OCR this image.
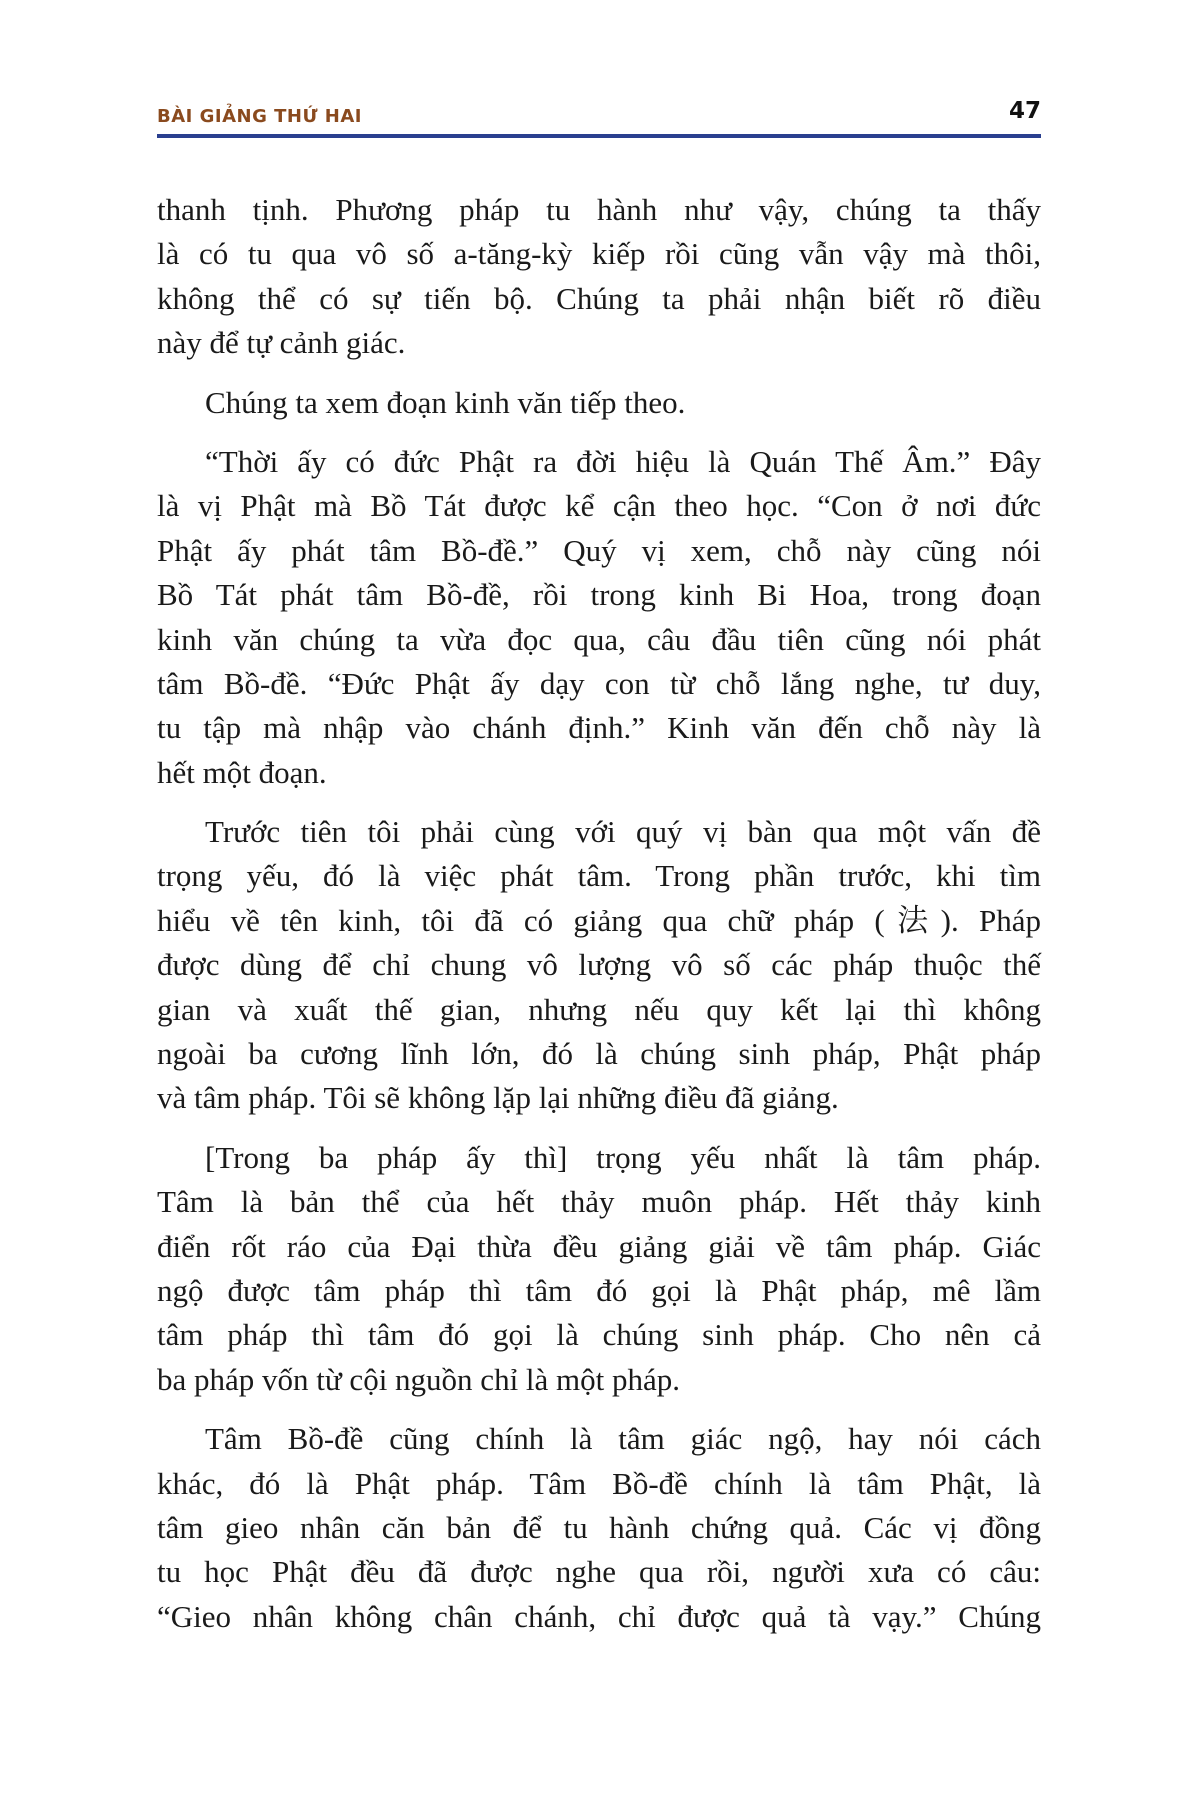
BÀI GIẢNG THỨ HAI	47
thanh tịnh. Phương pháp tu hành như vậy, chúng ta thấy
là có tu qua vô số a-tăng-kỳ kiếp rồi cũng vẫn vậy mà thôi,
không thể có sự tiến bộ. Chúng ta phải nhận biết rõ điều
này để tự cảnh giác.
Chúng ta xem đoạn kinh văn tiếp theo.
“Thời ấy có đức Phật ra đời hiệu là Quán Thế Âm.” Đây
là vị Phật mà Bồ Tát được kể cận theo học. “Con ở nơi đức
Phật ấy phát tâm Bồ-đề.” Quý vị xem, chỗ này cũng nói
Bồ Tát phát tâm Bồ-đề, rồi trong kinh Bi Hoa, trong đoạn
kinh văn chúng ta vừa đọc qua, câu đầu tiên cũng nói phát
tâm Bồ-đề. “Đức Phật ấy dạy con từ chỗ lắng nghe, tư duy,
tu tập mà nhập vào chánh định.” Kinh văn đến chỗ này là
hết một đoạn.
Trước tiên tôi phải cùng với quý vị bàn qua một vấn đề
trọng yếu, đó là việc phát tâm. Trong phần trước, khi tìm
hiểu về tên kinh, tôi đã có giảng qua chữ pháp (法). Pháp
được dùng để chỉ chung vô lượng vô số các pháp thuộc thế
gian và xuất thế gian, nhưng nếu quy kết lại thì không
ngoài ba cương lĩnh lớn, đó là chúng sinh pháp, Phật pháp
và tâm pháp. Tôi sẽ không lặp lại những điều đã giảng.
[Trong ba pháp ấy thì] trọng yếu nhất là tâm pháp.
Tâm là bản thể của hết thảy muôn pháp. Hết thảy kinh
điển rốt ráo của Đại thừa đều giảng giải về tâm pháp. Giác
ngộ được tâm pháp thì tâm đó gọi là Phật pháp, mê lầm
tâm pháp thì tâm đó gọi là chúng sinh pháp. Cho nên cả
ba pháp vốn từ cội nguồn chỉ là một pháp.
Tâm Bồ-đề cũng chính là tâm giác ngộ, hay nói cách
khác, đó là Phật pháp. Tâm Bồ-đề chính là tâm Phật, là
tâm gieo nhân căn bản để tu hành chứng quả. Các vị đồng
tu học Phật đều đã được nghe qua rồi, người xưa có câu:
“Gieo nhân không chân chánh, chỉ được quả tà vạy.” Chúng
